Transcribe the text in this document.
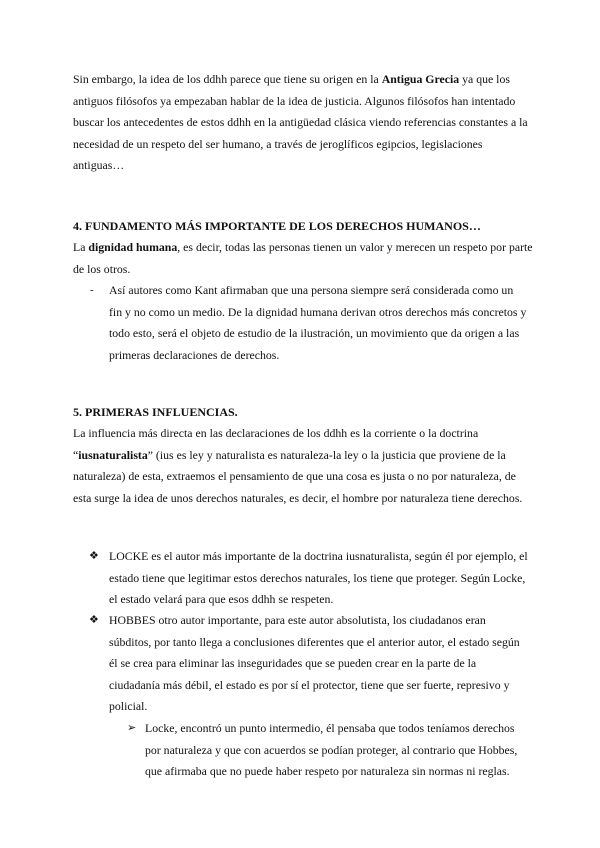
Sin embargo, la idea de los ddhh parece que tiene su origen en la Antigua Grecia ya que los antiguos filósofos ya empezaban hablar de la idea de justicia. Algunos filósofos han intentado buscar los antecedentes de estos ddhh en la antigüedad clásica viendo referencias constantes a la necesidad de un respeto del ser humano, a través de jeroglíficos egipcios, legislaciones antiguas…

4. FUNDAMENTO MÁS IMPORTANTE DE LOS DERECHOS HUMANOS…

La dignidad humana, es decir, todas las personas tienen un valor y merecen un respeto por parte de los otros.

- Así autores como Kant afirmaban que una persona siempre será considerada como un fin y no como un medio. De la dignidad humana derivan otros derechos más concretos y todo esto, será el objeto de estudio de la ilustración, un movimiento que da origen a las primeras declaraciones de derechos.

5. PRIMERAS INFLUENCIAS.

La influencia más directa en las declaraciones de los ddhh es la corriente o la doctrina “iusnaturalista” (ius es ley y naturalista es naturaleza-la ley o la justicia que proviene de la naturaleza) de esta, extraemos el pensamiento de que una cosa es justa o no por naturaleza, de esta surge la idea de unos derechos naturales, es decir, el hombre por naturaleza tiene derechos.

❖ LOCKE es el autor más importante de la doctrina iusnaturalista, según él por ejemplo, el estado tiene que legitimar estos derechos naturales, los tiene que proteger. Según Locke, el estado velará para que esos ddhh se respeten.

❖ HOBBES otro autor importante, para este autor absolutista, los ciudadanos eran súbditos, por tanto llega a conclusiones diferentes que el anterior autor, el estado según él se crea para eliminar las inseguridades que se pueden crear en la parte de la ciudadanía más débil, el estado es por sí el protector, tiene que ser fuerte, represivo y policial.

➢ Locke, encontró un punto intermedio, él pensaba que todos teníamos derechos por naturaleza y que con acuerdos se podían proteger, al contrario que Hobbes, que afirmaba que no puede haber respeto por naturaleza sin normas ni reglas.
